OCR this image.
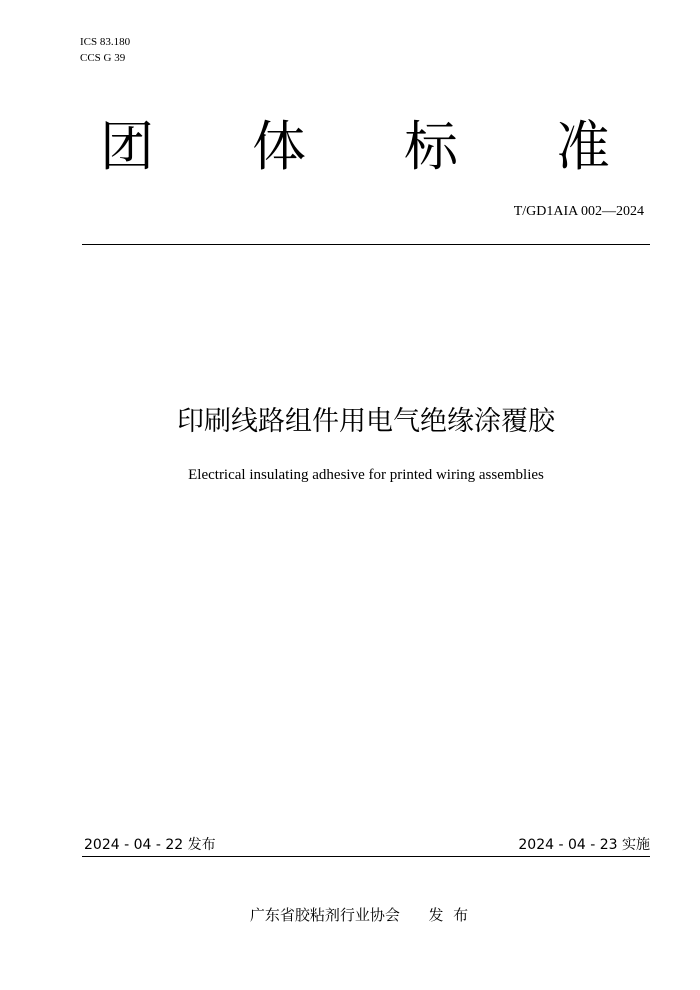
ICS 83.180
CCS G 39
团 体 标 准
T/GD1AIA 002—2024
印刷线路组件用电气绝缘涂覆胶
Electrical insulating adhesive for printed wiring assemblies
2024 - 04 - 22 发布	2024 - 04 - 23 实施
广东省胶粘剂行业协会      发  布
